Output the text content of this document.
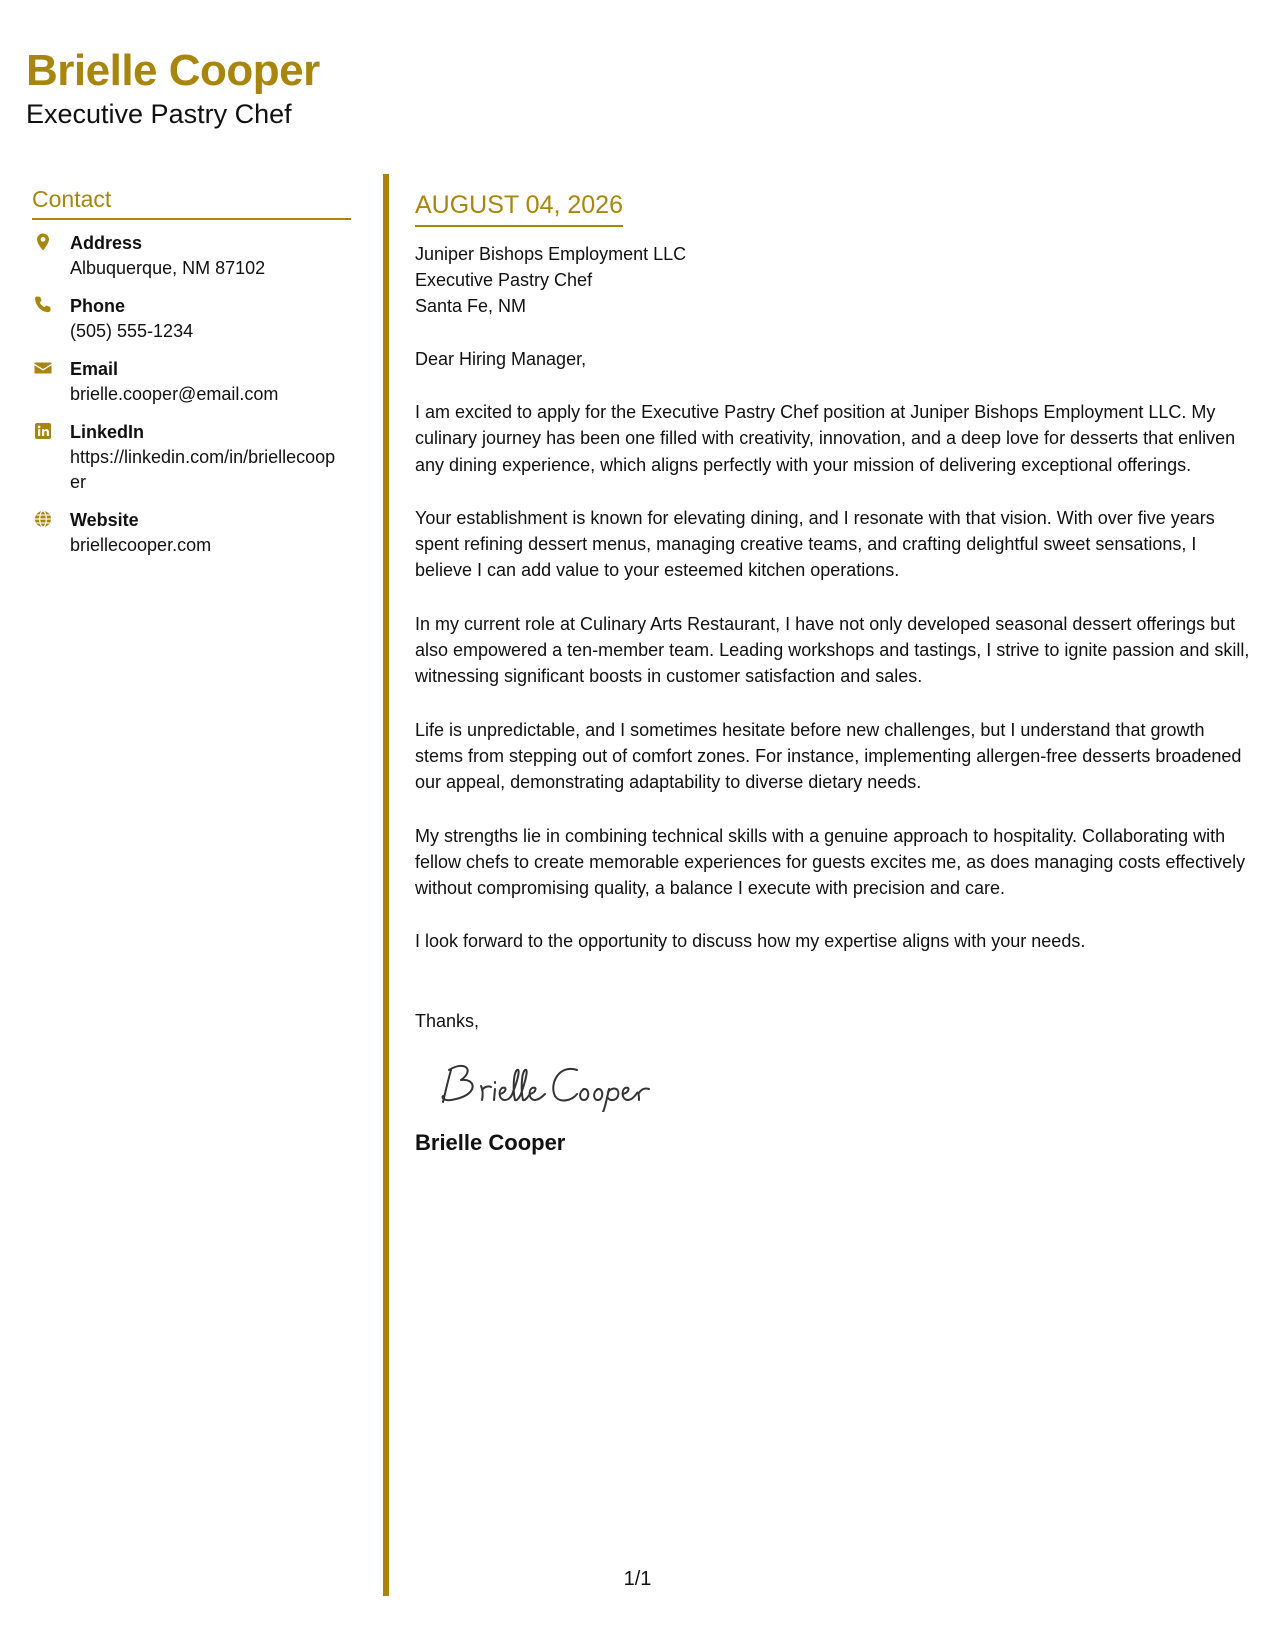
Brielle Cooper
Executive Pastry Chef
Contact
Address
Albuquerque, NM 87102
Phone
(505) 555-1234
Email
brielle.cooper@email.com
LinkedIn
https://linkedin.com/in/briellecooper
Website
briellecooper.com
AUGUST 04, 2026
Juniper Bishops Employment LLC
Executive Pastry Chef
Santa Fe, NM
Dear Hiring Manager,

I am excited to apply for the Executive Pastry Chef position at Juniper Bishops Employment LLC. My culinary journey has been one filled with creativity, innovation, and a deep love for desserts that enliven any dining experience, which aligns perfectly with your mission of delivering exceptional offerings.

Your establishment is known for elevating dining, and I resonate with that vision. With over five years spent refining dessert menus, managing creative teams, and crafting delightful sweet sensations, I believe I can add value to your esteemed kitchen operations.

In my current role at Culinary Arts Restaurant, I have not only developed seasonal dessert offerings but also empowered a ten-member team. Leading workshops and tastings, I strive to ignite passion and skill, witnessing significant boosts in customer satisfaction and sales.

Life is unpredictable, and I sometimes hesitate before new challenges, but I understand that growth stems from stepping out of comfort zones. For instance, implementing allergen-free desserts broadened our appeal, demonstrating adaptability to diverse dietary needs.

My strengths lie in combining technical skills with a genuine approach to hospitality. Collaborating with fellow chefs to create memorable experiences for guests excites me, as does managing costs effectively without compromising quality, a balance I execute with precision and care.

I look forward to the opportunity to discuss how my expertise aligns with your needs.

Thanks,
Brielle Cooper
1/1
